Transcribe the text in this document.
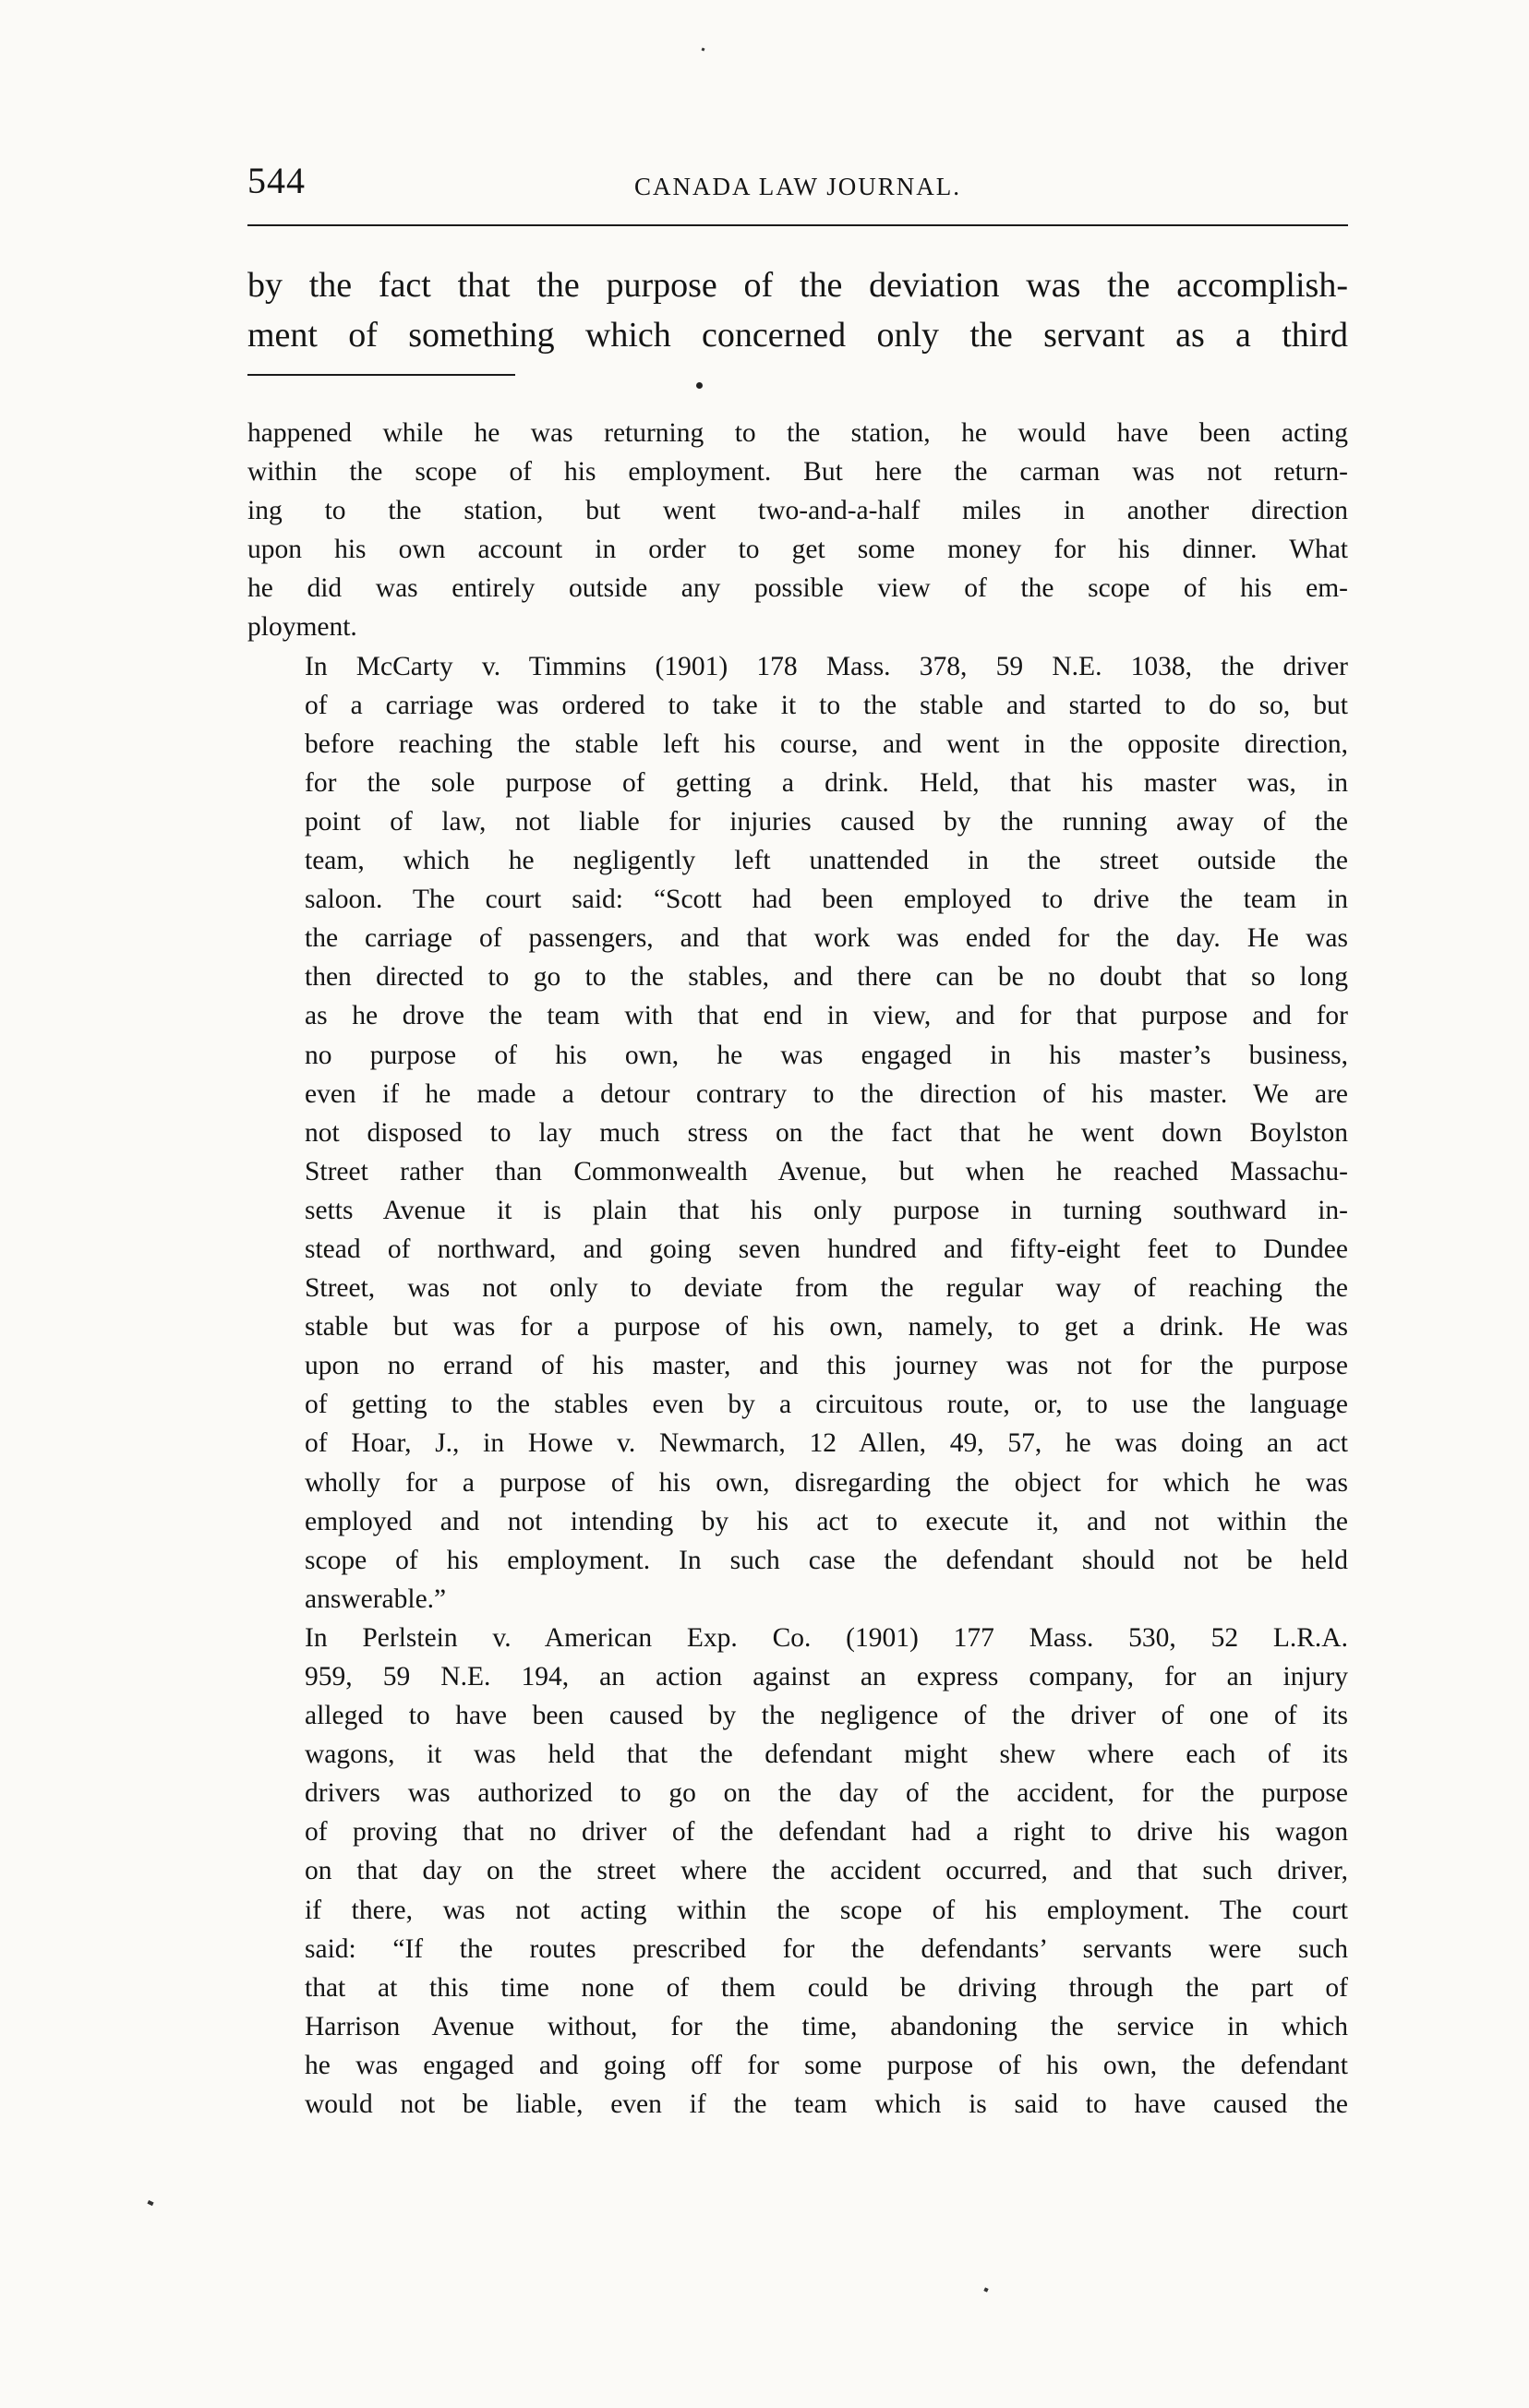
544	CANADA LAW JOURNAL.

by the fact that the purpose of the deviation was the accomplish-

ment of something which concerned only the servant as a third

happened while he was returning to the station, he would have been acting
within the scope of his employment. But here the carman was not return-
ing to the station, but went two-and-a-half miles in another direction
upon his own account in order to get some money for his dinner. What
he did was entirely outside any possible view of the scope of his em-
ployment.

In McCarty v. Timmins (1901) 178 Mass. 378, 59 N.E. 1038, the driver
of a carriage was ordered to take it to the stable and started to do so, but
before reaching the stable left his course, and went in the opposite direction,
for the sole purpose of getting a drink. Held, that his master was, in
point of law, not liable for injuries caused by the running away of the
team, which he negligently left unattended in the street outside the
saloon. The court said: “Scott had been employed to drive the team in
the carriage of passengers, and that work was ended for the day. He was
then directed to go to the stables, and there can be no doubt that so long
as he drove the team with that end in view, and for that purpose and for
no purpose of his own, he was engaged in his master’s business,
even if he made a detour contrary to the direction of his master. We are
not disposed to lay much stress on the fact that he went down Boylston
Street rather than Commonwealth Avenue, but when he reached Massachu-
setts Avenue it is plain that his only purpose in turning southward in-
stead of northward, and going seven hundred and fifty-eight feet to Dundee
Street, was not only to deviate from the regular way of reaching the
stable but was for a purpose of his own, namely, to get a drink. He was
upon no errand of his master, and this journey was not for the purpose
of getting to the stables even by a circuitous route, or, to use the language
of Hoar, J., in Howe v. Newmarch, 12 Allen, 49, 57, he was doing an act
wholly for a purpose of his own, disregarding the object for which he was
employed and not intending by his act to execute it, and not within the
scope of his employment. In such case the defendant should not be held
answerable.”

In Perlstein v. American Exp. Co. (1901) 177 Mass. 530, 52 L.R.A.
959, 59 N.E. 194, an action against an express company, for an injury
alleged to have been caused by the negligence of the driver of one of its
wagons, it was held that the defendant might shew where each of its
drivers was authorized to go on the day of the accident, for the purpose
of proving that no driver of the defendant had a right to drive his wagon
on that day on the street where the accident occurred, and that such driver,
if there, was not acting within the scope of his employment. The court
said: “If the routes prescribed for the defendants’ servants were such
that at this time none of them could be driving through the part of
Harrison Avenue without, for the time, abandoning the service in which
he was engaged and going off for some purpose of his own, the defendant
would not be liable, even if the team which is said to have caused the
